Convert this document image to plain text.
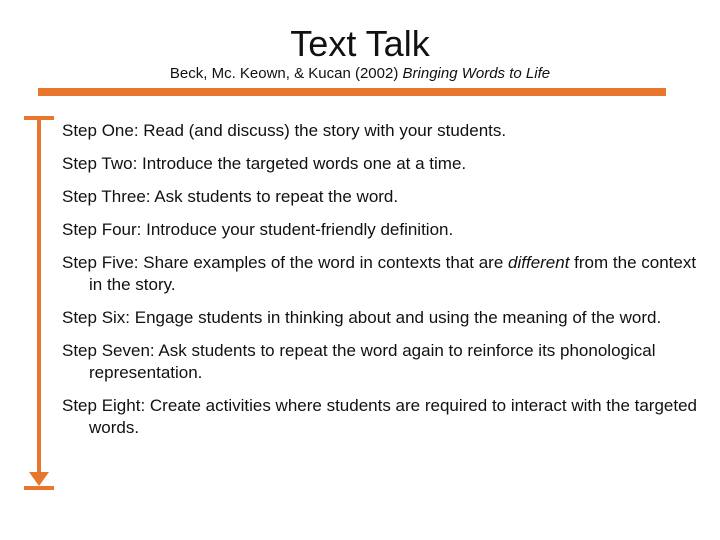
Text Talk
Beck, Mc. Keown, & Kucan (2002) Bringing Words to Life
Step One: Read (and discuss) the story with your students.
Step Two: Introduce the targeted words one at a time.
Step Three: Ask students to repeat the word.
Step Four: Introduce your student-friendly definition.
Step Five: Share examples of the word in contexts that are different from the context in the story.
Step Six: Engage students in thinking about and using the meaning of the word.
Step Seven: Ask students to repeat the word again to reinforce its phonological representation.
Step Eight: Create activities where students are required to interact with the targeted words.
